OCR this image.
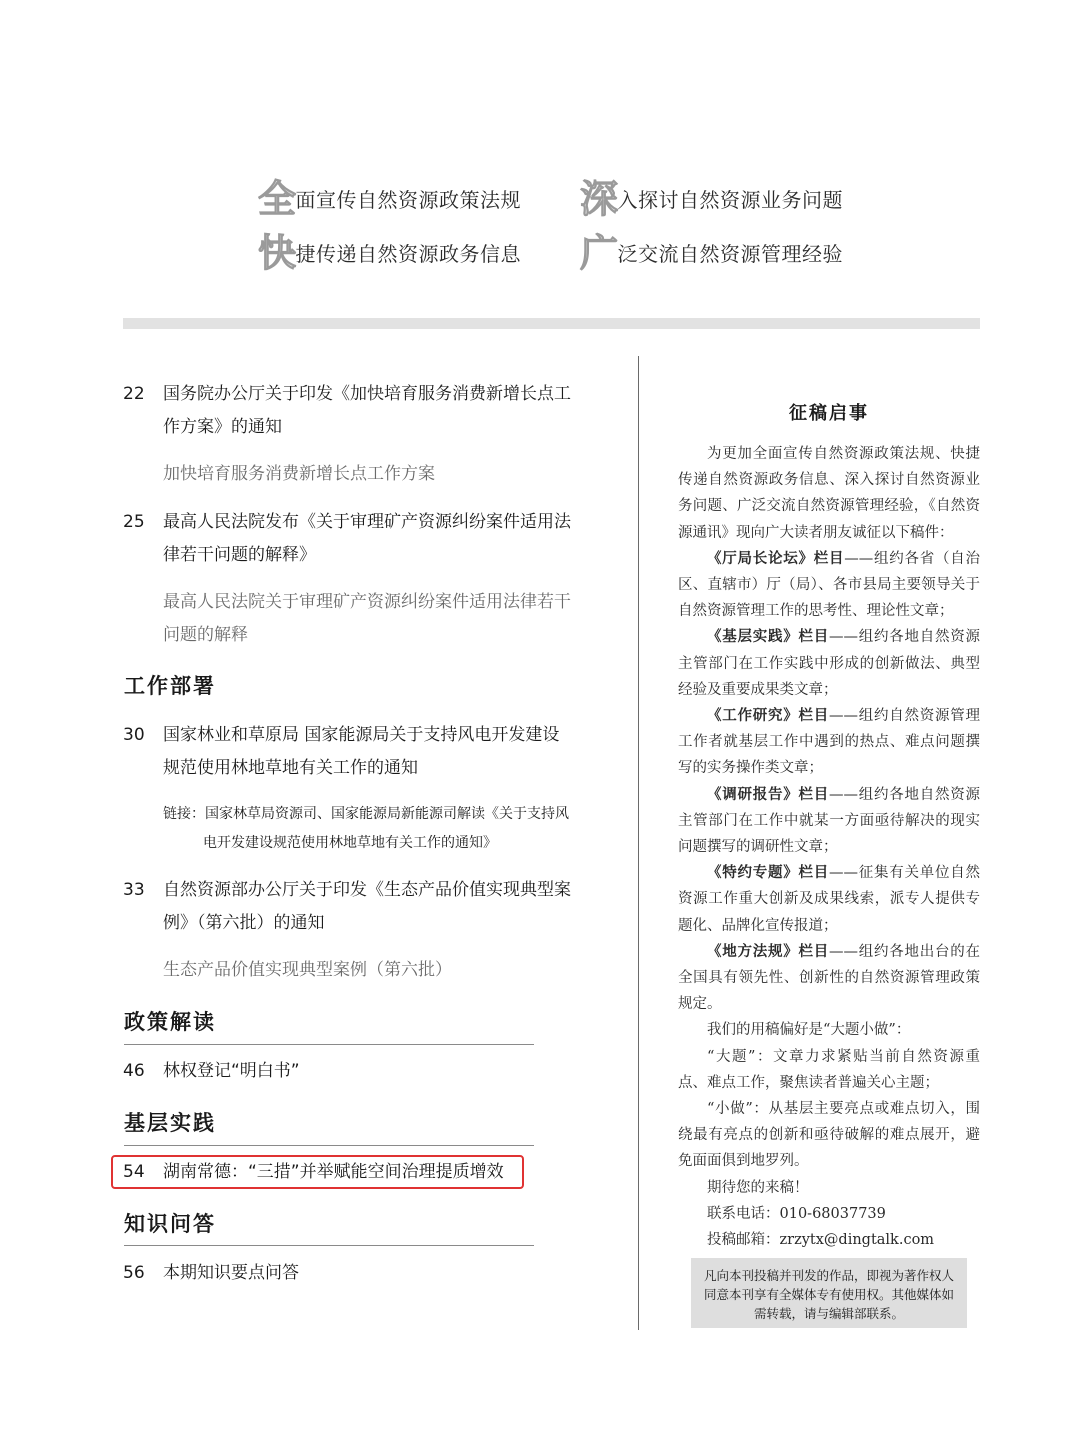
全面宣传自然资源政策法规 深入探讨自然资源业务问题
快捷传递自然资源政务信息 广泛交流自然资源管理经验
22 国务院办公厅关于印发《加快培育服务消费新增长点工
作方案》的通知
加快培育服务消费新增长点工作方案
25 最高人民法院发布《关于审理矿产资源纠纷案件适用法
律若干问题的解释》
最高人民法院关于审理矿产资源纠纷案件适用法律若干
问题的解释
工作部署
30 国家林业和草原局 国家能源局关于支持风电开发建设
规范使用林地草地有关工作的通知
链接：国家林草局资源司、国家能源局新能源司解读《关于支持风
电开发建设规范使用林地草地有关工作的通知》
33 自然资源部办公厅关于印发《生态产品价值实现典型案
例》（第六批）的通知
生态产品价值实现典型案例（第六批）
政策解读
46 林权登记“明白书”
基层实践
54 湖南常德：“三措”并举赋能空间治理提质增效
知识问答
56 本期知识要点问答
征稿启事

为更加全面宣传自然资源政策法规、快捷传递自然资源政务信息、深入探讨自然资源业务问题、广泛交流自然资源管理经验，《自然资源通讯》现向广大读者朋友诚征以下稿件：

《厅局长论坛》栏目——组约各省（自治区、直辖市）厅（局）、各市县局主要领导关于自然资源管理工作的思考性、理论性文章；

《基层实践》栏目——组约各地自然资源主管部门在工作实践中形成的创新做法、典型经验及重要成果类文章；

《工作研究》栏目——组约自然资源管理工作者就基层工作中遇到的热点、难点问题撰写的实务操作类文章；

《调研报告》栏目——组约各地自然资源主管部门在工作中就某一方面亟待解决的现实问题撰写的调研性文章；

《特约专题》栏目——征集有关单位自然资源工作重大创新及成果线索，派专人提供专题化、品牌化宣传报道；

《地方法规》栏目——组约各地出台的在全国具有领先性、创新性的自然资源管理政策规定。

我们的用稿偏好是“大题小做”：

“大题”：文章力求紧贴当前自然资源重点、难点工作，聚焦读者普遍关心主题；

“小做”：从基层主要亮点或难点切入，围绕最有亮点的创新和亟待破解的难点展开，避免面面俱到地罗列。

期待您的来稿！

联系电话：010-68037739

投稿邮箱：zrzytx@dingtalk.com

凡向本刊投稿并刊发的作品，即视为著作权人同意本刊享有全媒体专有使用权。其他媒体如需转载，请与编辑部联系。
